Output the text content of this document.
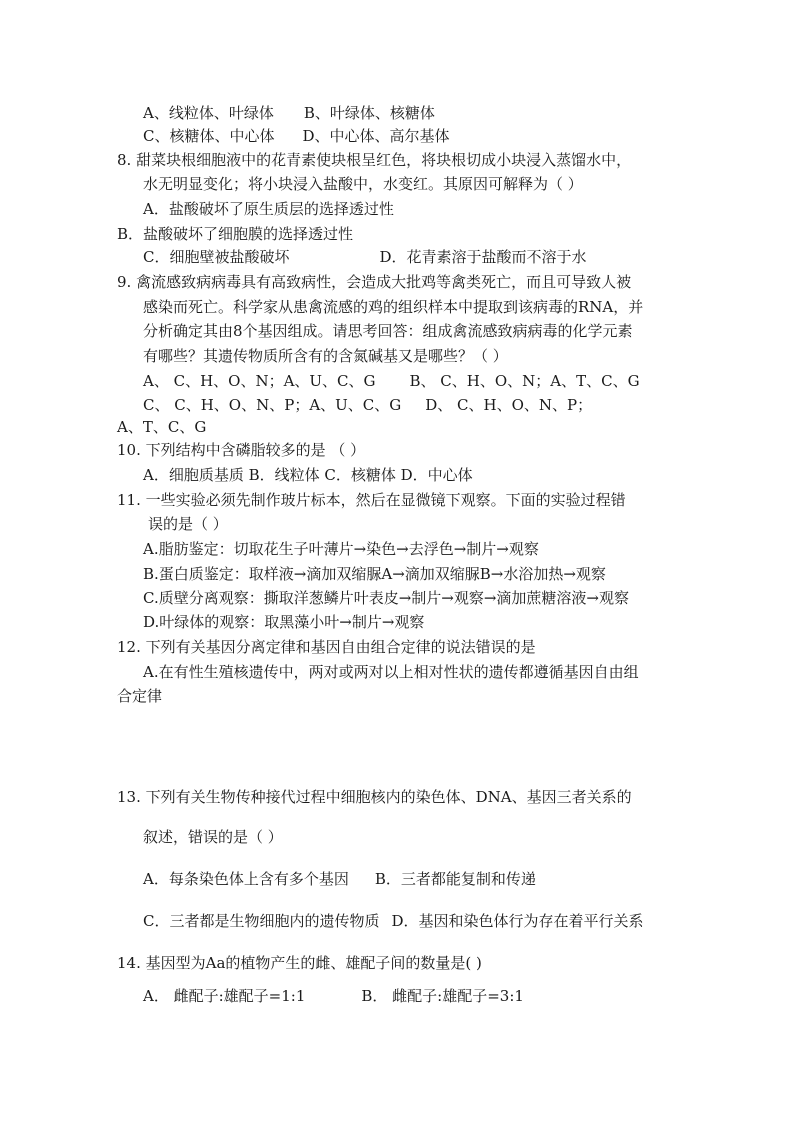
A、线粒体、叶绿体 B、叶绿体、核糖体
C、核糖体、中心体 D、中心体、高尔基体
8. 甜菜块根细胞液中的花青素使块根呈红色，将块根切成小块浸入蒸馏水中，
水无明显变化；将小块浸入盐酸中，水变红。其原因可解释为（ ）
A．盐酸破坏了原生质层的选择透过性
B．盐酸破坏了细胞膜的选择透过性
C．细胞壁被盐酸破坏	D．花青素溶于盐酸而不溶于水
9. 禽流感致病病毒具有高致病性，会造成大批鸡等禽类死亡，而且可导致人被
感染而死亡。科学家从患禽流感的鸡的组织样本中提取到该病毒的RNA，并
分析确定其由8个基因组成。请思考回答：组成禽流感致病病毒的化学元素
有哪些？其遗传物质所含有的含氮碱基又是哪些？（ ）
A、 C、H、O、N；A、U、C、G B、 C、H、O、N；A、T、C、G
C、 C、H、O、N、P；A、U、C、G D、 C、H、O、N、P；
A、T、C、G
10. 下列结构中含磷脂较多的是 （ ）
A．细胞质基质 B．线粒体 C．核糖体 D．中心体
11. 一些实验必须先制作玻片标本，然后在显微镜下观察。下面的实验过程错
误的是（ ）
A.脂肪鉴定：切取花生子叶薄片→染色→去浮色→制片→观察
B.蛋白质鉴定：取样液→滴加双缩脲A→滴加双缩脲B→水浴加热→观察
C.质壁分离观察：撕取洋葱鳞片叶表皮→制片→观察→滴加蔗糖溶液→观察
D.叶绿体的观察：取黑藻小叶→制片→观察
12. 下列有关基因分离定律和基因自由组合定律的说法错误的是
A.在有性生殖核遗传中，两对或两对以上相对性状的遗传都遵循基因自由组
合定律
13. 下列有关生物传种接代过程中细胞核内的染色体、DNA、基因三者关系的
叙述，错误的是（ ）
A．每条染色体上含有多个基因 B．三者都能复制和传递
C．三者都是生物细胞内的遗传物质 D．基因和染色体行为存在着平行关系
14. 基因型为Aa的植物产生的雌、雄配子间的数量是( )
A． 雌配子:雄配子=1:1	B． 雌配子:雄配子=3:1
